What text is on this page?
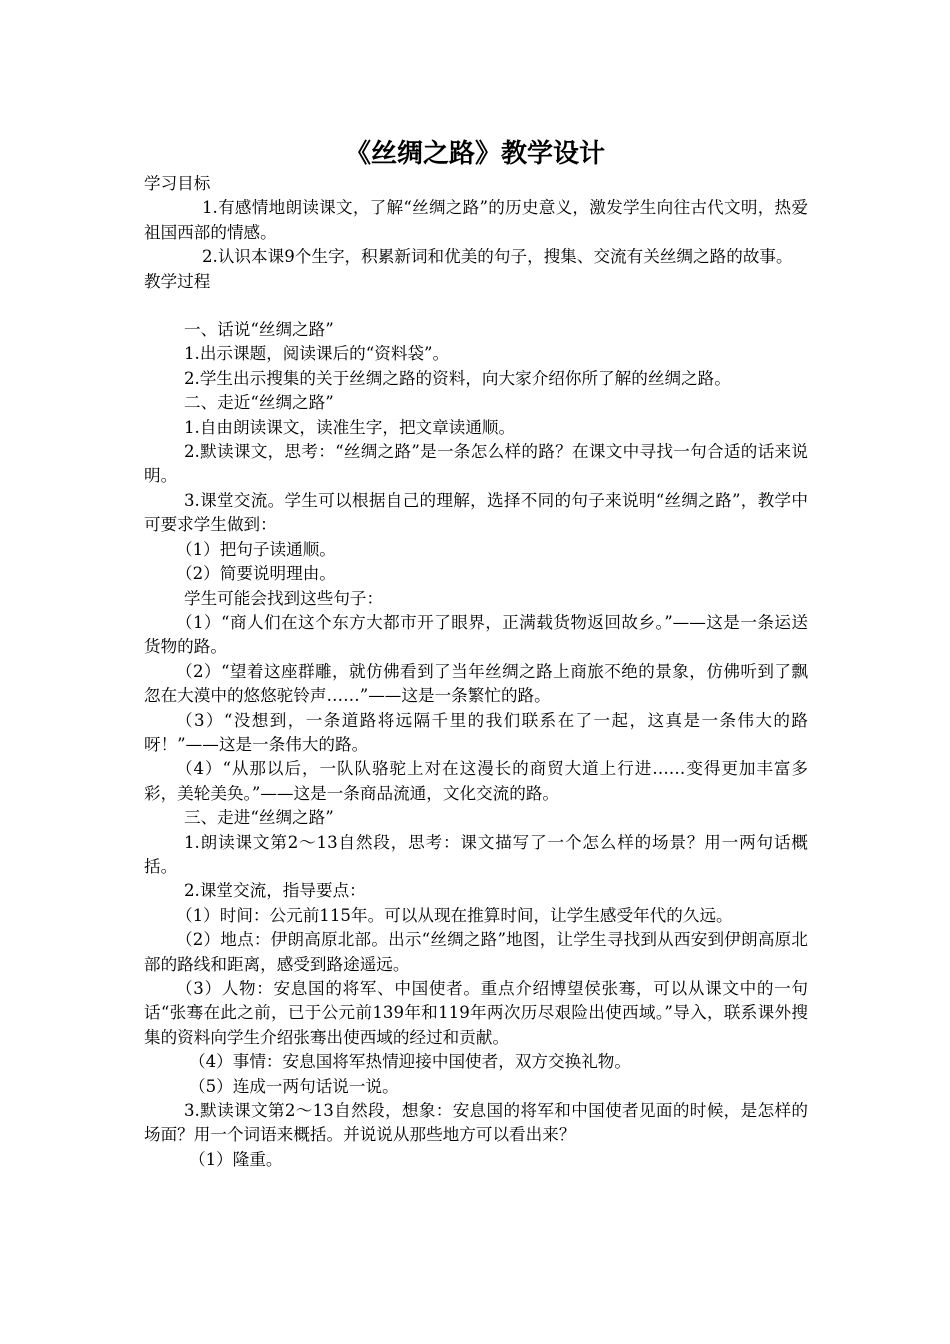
《丝绸之路》教学设计

学习目标

1.有感情地朗读课文，了解“丝绸之路”的历史意义，激发学生向往古代文明，热爱祖国西部的情感。

2.认识本课9个生字，积累新词和优美的句子，搜集、交流有关丝绸之路的故事。

教学过程

一、话说“丝绸之路”

1.出示课题，阅读课后的“资料袋”。

2.学生出示搜集的关于丝绸之路的资料，向大家介绍你所了解的丝绸之路。

二、走近“丝绸之路”

1.自由朗读课文，读准生字，把文章读通顺。

2.默读课文，思考：“丝绸之路”是一条怎么样的路？在课文中寻找一句合适的话来说明。

3.课堂交流。学生可以根据自己的理解，选择不同的句子来说明“丝绸之路”，教学中可要求学生做到：

（1）把句子读通顺。

（2）简要说明理由。

学生可能会找到这些句子：

（1）“商人们在这个东方大都市开了眼界，正满载货物返回故乡。”——这是一条运送货物的路。

（2）“望着这座群雕，就仿佛看到了当年丝绸之路上商旅不绝的景象，仿佛听到了飘忽在大漠中的悠悠驼铃声……”——这是一条繁忙的路。

（3）“没想到，一条道路将远隔千里的我们联系在了一起，这真是一条伟大的路呀！”——这是一条伟大的路。

（4）“从那以后，一队队骆驼上对在这漫长的商贸大道上行进……变得更加丰富多彩，美轮美奂。”——这是一条商品流通，文化交流的路。

三、走进“丝绸之路”

1.朗读课文第2～13自然段，思考：课文描写了一个怎么样的场景？用一两句话概括。

2.课堂交流，指导要点：

（1）时间：公元前115年。可以从现在推算时间，让学生感受年代的久远。

（2）地点：伊朗高原北部。出示“丝绸之路”地图，让学生寻找到从西安到伊朗高原北部的路线和距离，感受到路途遥远。

（3）人物：安息国的将军、中国使者。重点介绍博望侯张骞，可以从课文中的一句话“张骞在此之前，已于公元前139年和119年两次历尽艰险出使西域。”导入，联系课外搜集的资料向学生介绍张骞出使西域的经过和贡献。

（4）事情：安息国将军热情迎接中国使者，双方交换礼物。

（5）连成一两句话说一说。

3.默读课文第2～13自然段，想象：安息国的将军和中国使者见面的时候，是怎样的场面？用一个词语来概括。并说说从那些地方可以看出来？

（1）隆重。
